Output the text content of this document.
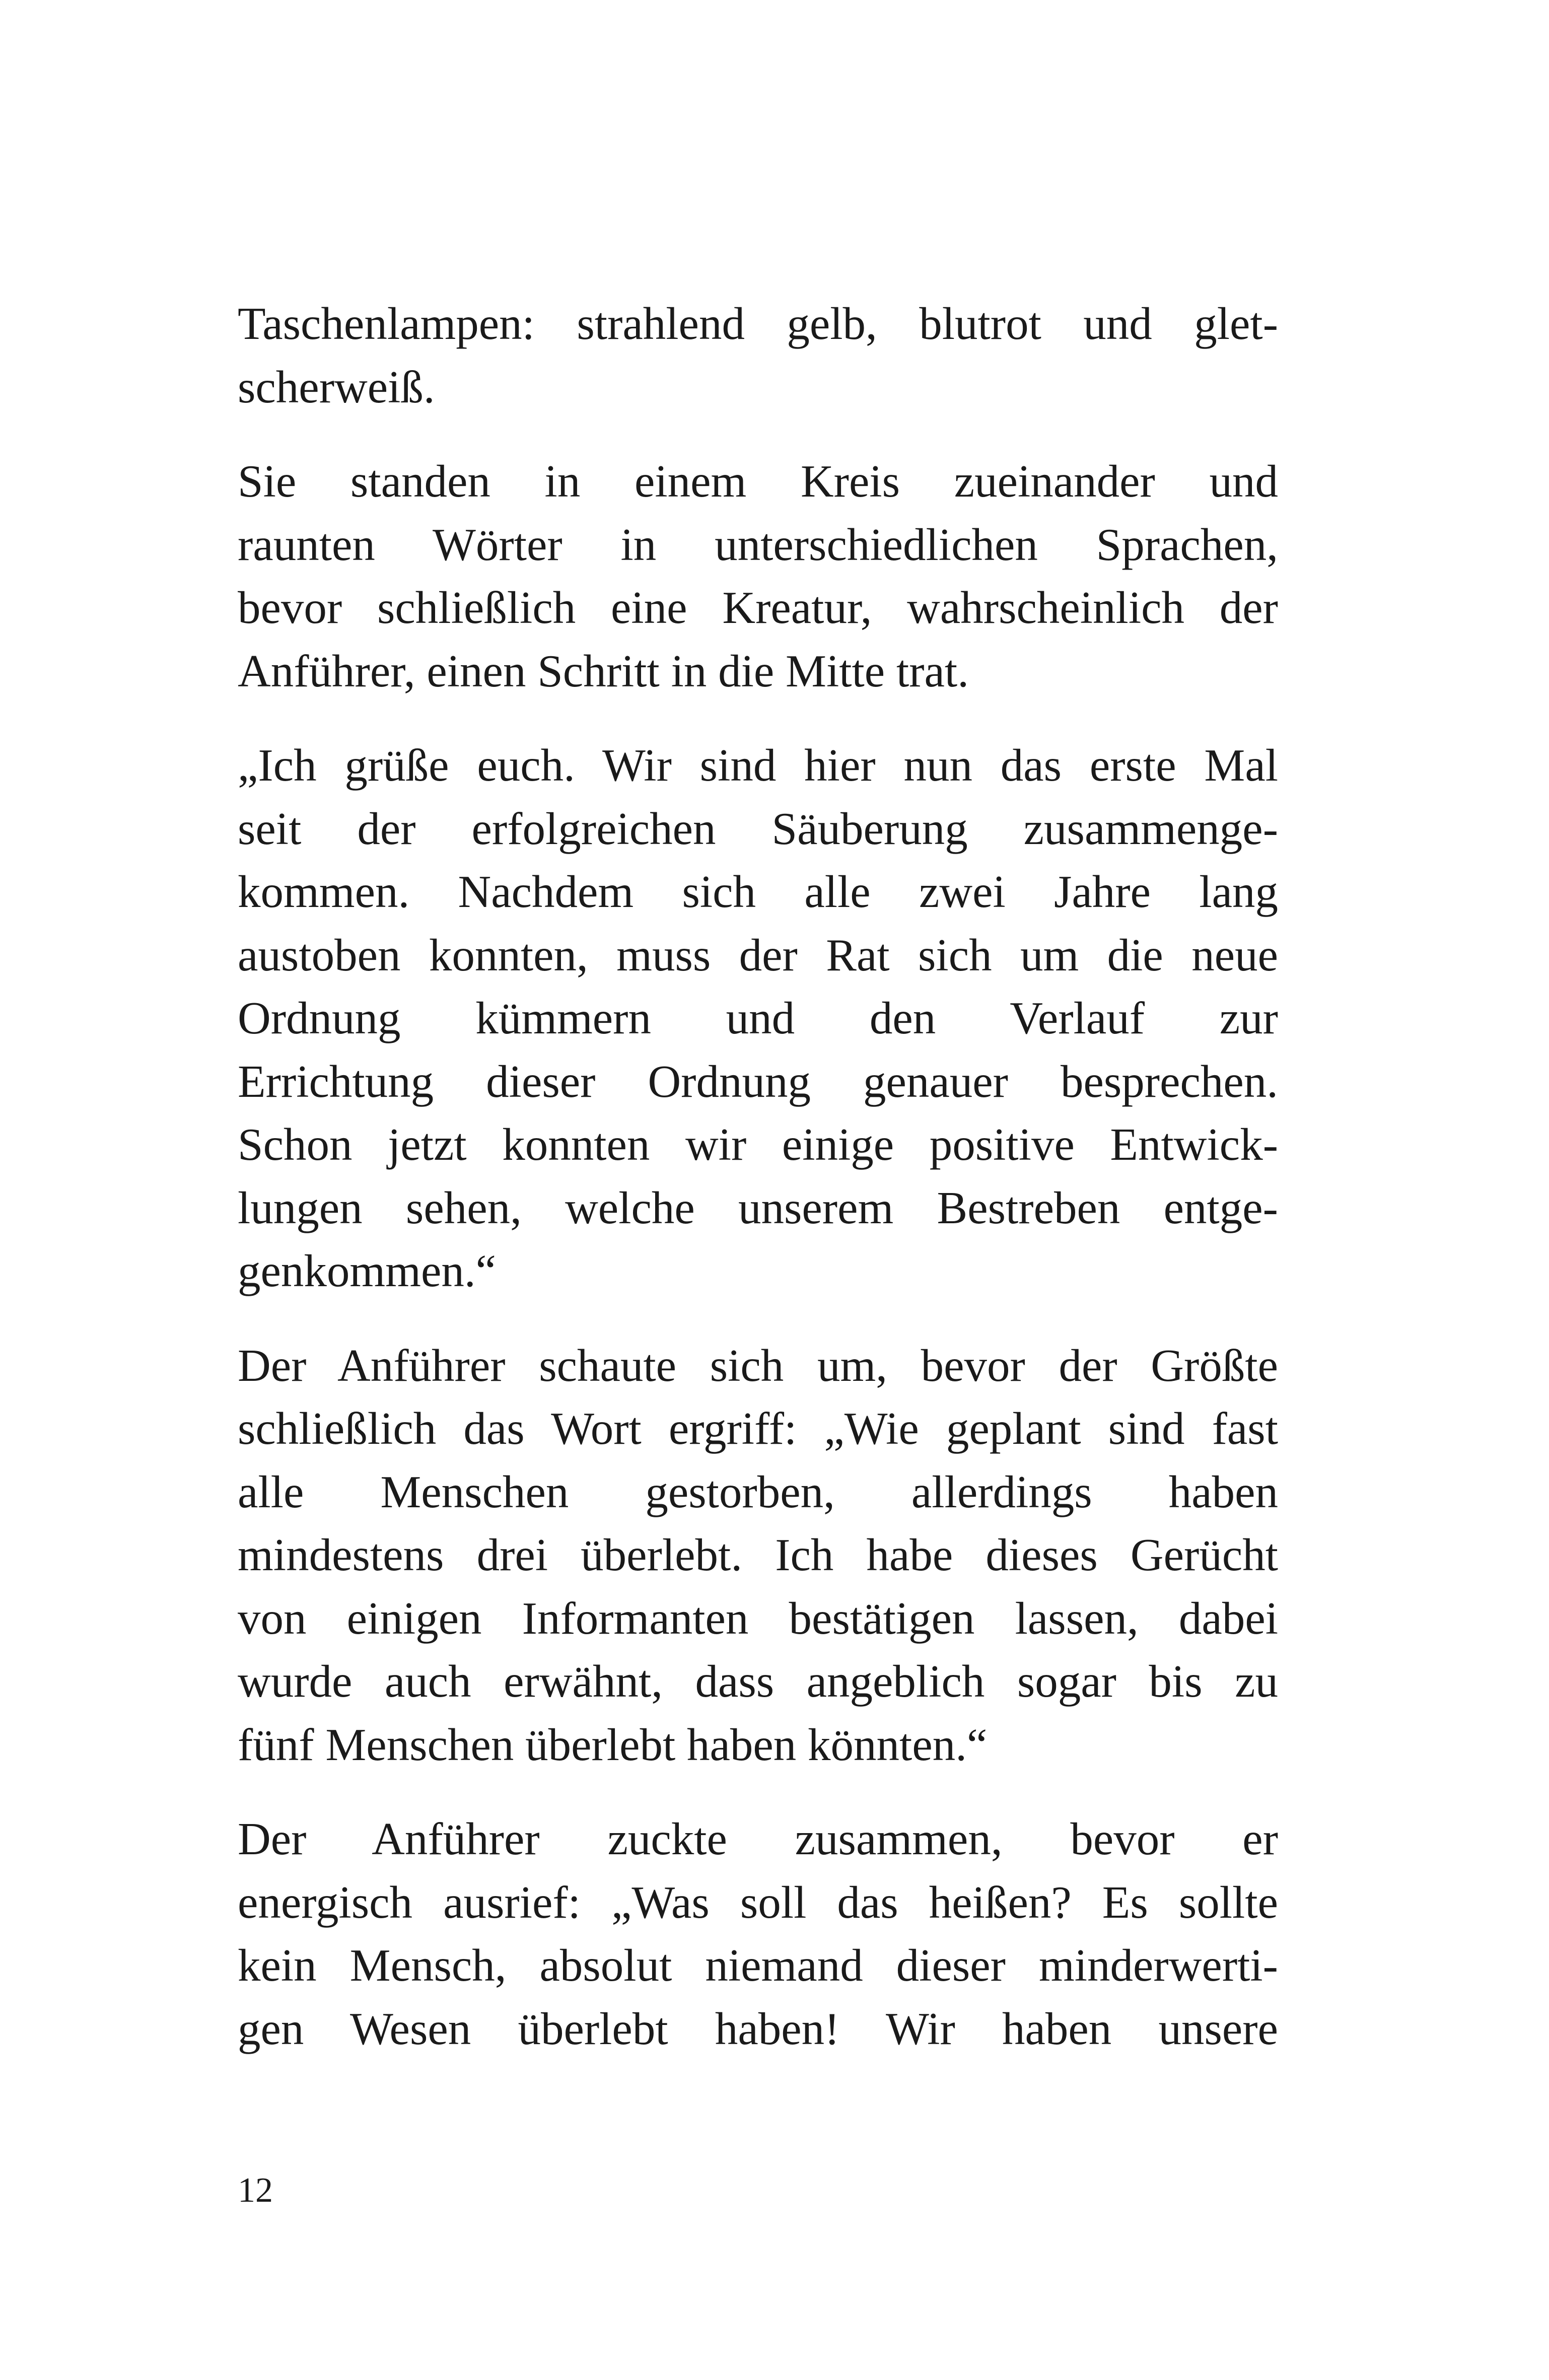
Taschenlampen: strahlend gelb, blutrot und glet-
scherweiß.

Sie standen in einem Kreis zueinander und
raunten Wörter in unterschiedlichen Sprachen,
bevor schließlich eine Kreatur, wahrscheinlich der
Anführer, einen Schritt in die Mitte trat.

„Ich grüße euch. Wir sind hier nun das erste Mal
seit der erfolgreichen Säuberung zusammenge-
kommen. Nachdem sich alle zwei Jahre lang
austoben konnten, muss der Rat sich um die neue
Ordnung kümmern und den Verlauf zur
Errichtung dieser Ordnung genauer besprechen.
Schon jetzt konnten wir einige positive Entwick-
lungen sehen, welche unserem Bestreben entge-
genkommen.“

Der Anführer schaute sich um, bevor der Größte
schließlich das Wort ergriff: „Wie geplant sind fast
alle Menschen gestorben, allerdings haben
mindestens drei überlebt. Ich habe dieses Gerücht
von einigen Informanten bestätigen lassen, dabei
wurde auch erwähnt, dass angeblich sogar bis zu
fünf Menschen überlebt haben könnten.“

Der Anführer zuckte zusammen, bevor er
energisch ausrief: „Was soll das heißen? Es sollte
kein Mensch, absolut niemand dieser minderwerti-
gen Wesen überlebt haben! Wir haben unsere

12
